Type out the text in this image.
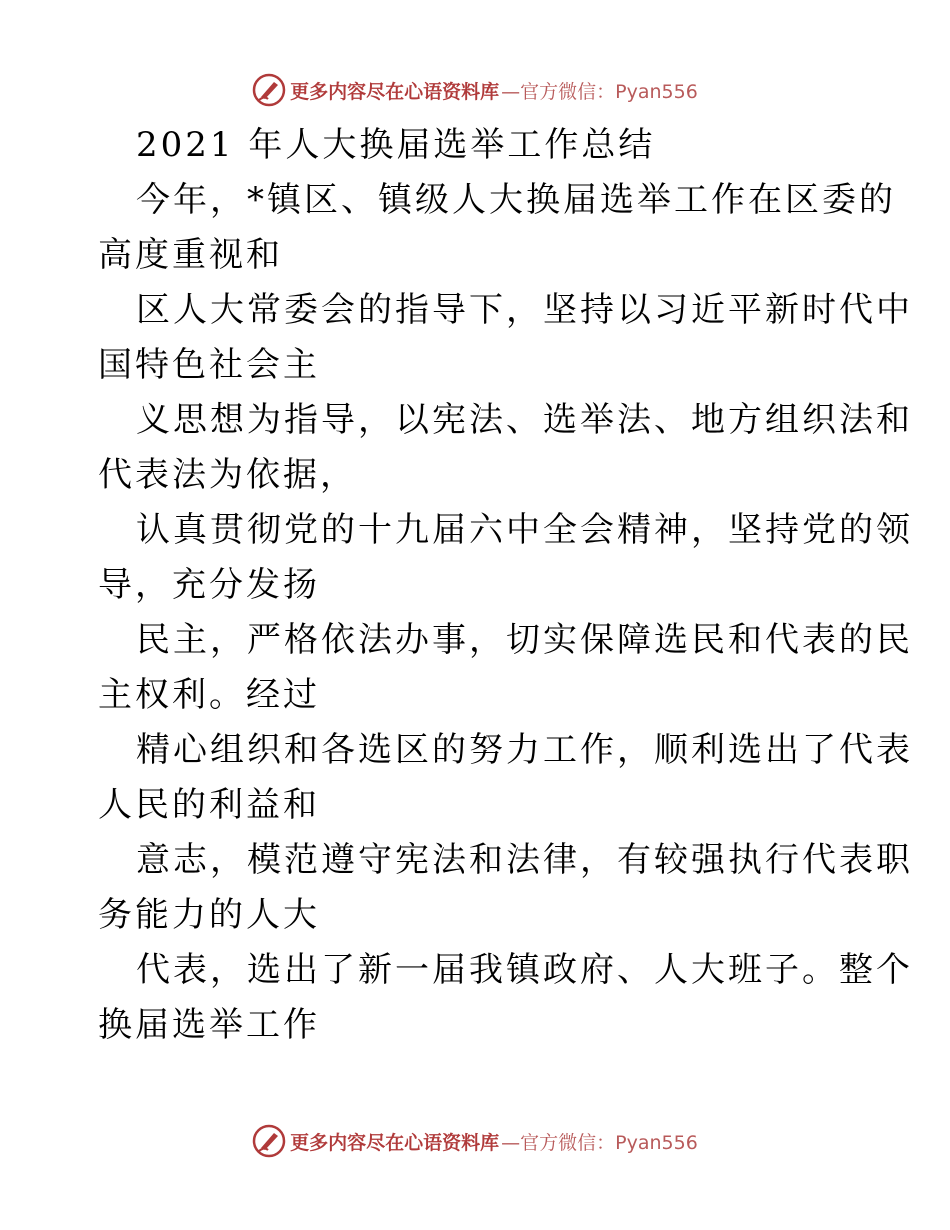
更多内容尽在心语资料库 —官方微信：Pyan556
2021 年人大换届选举工作总结
今年，*镇区、镇级人大换届选举工作在区委的
高度重视和
区人大常委会的指导下，坚持以习近平新时代中
国特色社会主
义思想为指导，以宪法、选举法、地方组织法和
代表法为依据，
认真贯彻党的十九届六中全会精神，坚持党的领
导，充分发扬
民主，严格依法办事，切实保障选民和代表的民
主权利。经过
精心组织和各选区的努力工作，顺利选出了代表
人民的利益和
意志，模范遵守宪法和法律，有较强执行代表职
务能力的人大
代表，选出了新一届我镇政府、人大班子。整个
换届选举工作
更多内容尽在心语资料库 —官方微信：Pyan556
